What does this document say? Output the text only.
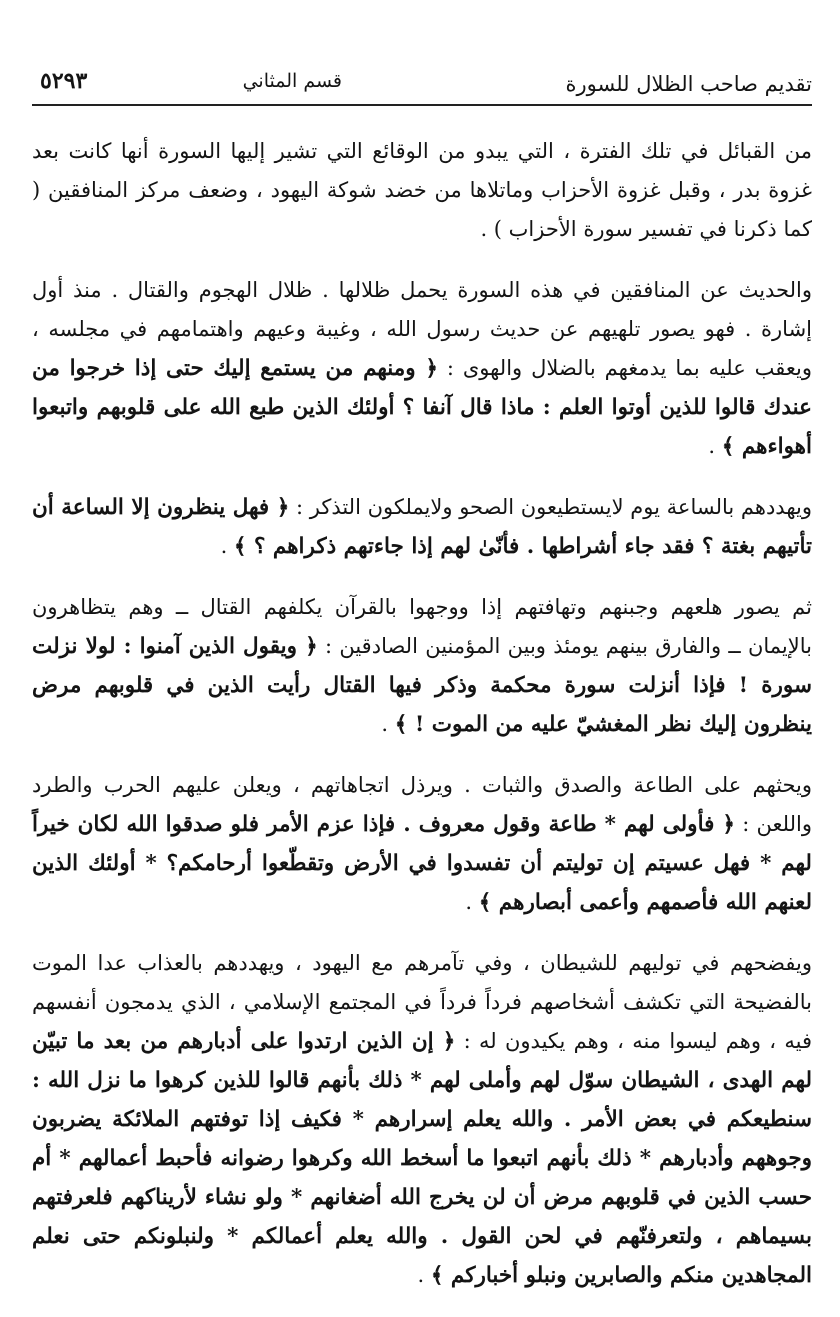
تقديم صاحب الظلال للسورة
قسم المثاني
٥٢٩٣

من القبائل في تلك الفترة ، التي يبدو من الوقائع التي تشير إليها السورة أنها كانت بعد غزوة بدر ، وقبل غزوة الأحزاب وماتلاها من خضد شوكة اليهود ، وضعف مركز المنافقين ( كما ذكرنا في تفسير سورة الأحزاب ) .

والحديث عن المنافقين في هذه السورة يحمل ظلالها . ظلال الهجوم والقتال . منذ أول إشارة . فهو يصور تلهيهم عن حديث رسول الله ، وغيبة وعيهم واهتمامهم في مجلسه ، ويعقب عليه بما يدمغهم بالضلال والهوى : ﴿ ومنهم من يستمع إليك حتى إذا خرجوا من عندك قالوا للذين أوتوا العلم : ماذا قال آنفا ؟ أولئك الذين طبع الله على قلوبهم واتبعوا أهواءهم ﴾ .

ويهددهم بالساعة يوم لايستطيعون الصحو ولايملكون التذكر : ﴿ فهل ينظرون إلا الساعة أن تأتيهم بغتة ؟ فقد جاء أشراطها . فأنّىٰ لهم إذا جاءتهم ذكراهم ؟ ﴾ .

ثم يصور هلعهم وجبنهم وتهافتهم إذا ووجهوا بالقرآن يكلفهم القتال ــ وهم يتظاهرون بالإيمان ــ والفارق بينهم يومئذ وبين المؤمنين الصادقين : ﴿ ويقول الذين آمنوا : لولا نزلت سورة ! فإذا أنزلت سورة محكمة وذكر فيها القتال رأيت الذين في قلوبهم مرض ينظرون إليك نظر المغشيّ عليه من الموت ! ﴾ .

ويحثهم على الطاعة والصدق والثبات . ويرذل اتجاهاتهم ، ويعلن عليهم الحرب والطرد واللعن : ﴿ فأولى لهم * طاعة وقول معروف . فإذا عزم الأمر فلو صدقوا الله لكان خيراً لهم * فهل عسيتم إن توليتم أن تفسدوا في الأرض وتقطّعوا أرحامكم؟ * أولئك الذين لعنهم الله فأصمهم وأعمى أبصارهم ﴾ .

ويفضحهم في توليهم للشيطان ، وفي تآمرهم مع اليهود ، ويهددهم بالعذاب عدا الموت بالفضيحة التي تكشف أشخاصهم فرداً فرداً في المجتمع الإسلامي ، الذي يدمجون أنفسهم فيه ، وهم ليسوا منه ، وهم يكيدون له : ﴿ إن الذين ارتدوا على أدبارهم من بعد ما تبيّن لهم الهدى ، الشيطان سوّل لهم وأملى لهم * ذلك بأنهم قالوا للذين كرهوا ما نزل الله : سنطيعكم في بعض الأمر . والله يعلم إسرارهم * فكيف إذا توفتهم الملائكة يضربون وجوههم وأدبارهم * ذلك بأنهم اتبعوا ما أسخط الله وكرهوا رضوانه فأحبط أعمالهم * أم حسب الذين في قلوبهم مرض أن لن يخرج الله أضغانهم * ولو نشاء لأريناكهم فلعرفتهم بسيماهم ، ولتعرفنّهم في لحن القول . والله يعلم أعمالكم * ولنبلونكم حتى نعلم المجاهدين منكم والصابرين ونبلو أخباركم ﴾ .
